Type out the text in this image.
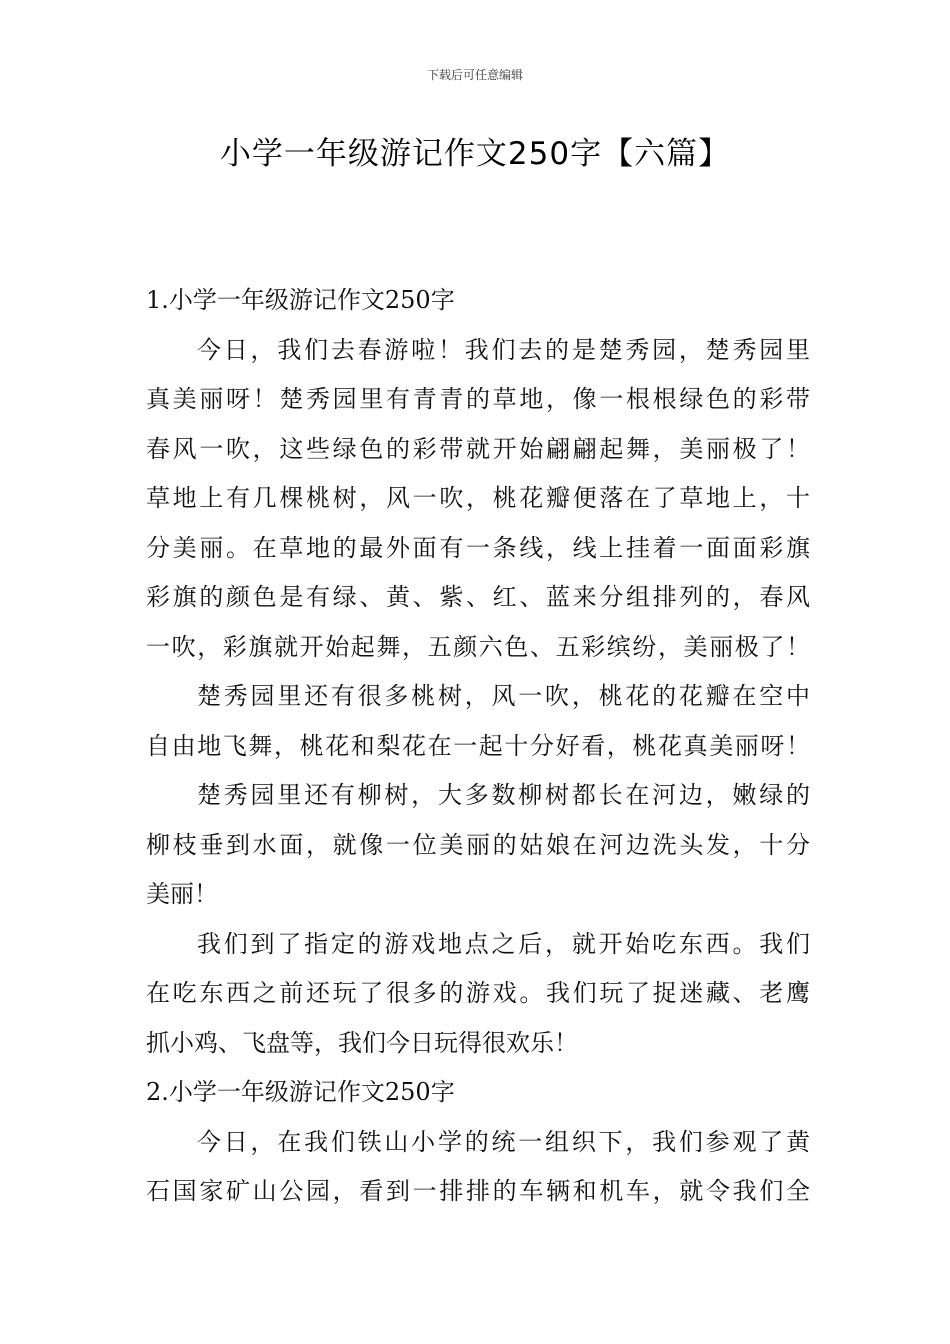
下载后可任意编辑
小学一年级游记作文250字【六篇】
1.小学一年级游记作文250字
今日，我们去春游啦！我们去的是楚秀园，楚秀园里
真美丽呀！楚秀园里有青青的草地，像一根根绿色的彩带
春风一吹，这些绿色的彩带就开始翩翩起舞，美丽极了！
草地上有几棵桃树，风一吹，桃花瓣便落在了草地上，十
分美丽。在草地的最外面有一条线，线上挂着一面面彩旗
彩旗的颜色是有绿、黄、紫、红、蓝来分组排列的，春风
一吹，彩旗就开始起舞，五颜六色、五彩缤纷，美丽极了！
楚秀园里还有很多桃树，风一吹，桃花的花瓣在空中
自由地飞舞，桃花和梨花在一起十分好看，桃花真美丽呀！
楚秀园里还有柳树，大多数柳树都长在河边，嫩绿的
柳枝垂到水面，就像一位美丽的姑娘在河边洗头发，十分
美丽！
我们到了指定的游戏地点之后，就开始吃东西。我们
在吃东西之前还玩了很多的游戏。我们玩了捉迷藏、老鹰
抓小鸡、飞盘等，我们今日玩得很欢乐！
2.小学一年级游记作文250字
今日，在我们铁山小学的统一组织下，我们参观了黄
石国家矿山公园，看到一排排的车辆和机车，就令我们全
